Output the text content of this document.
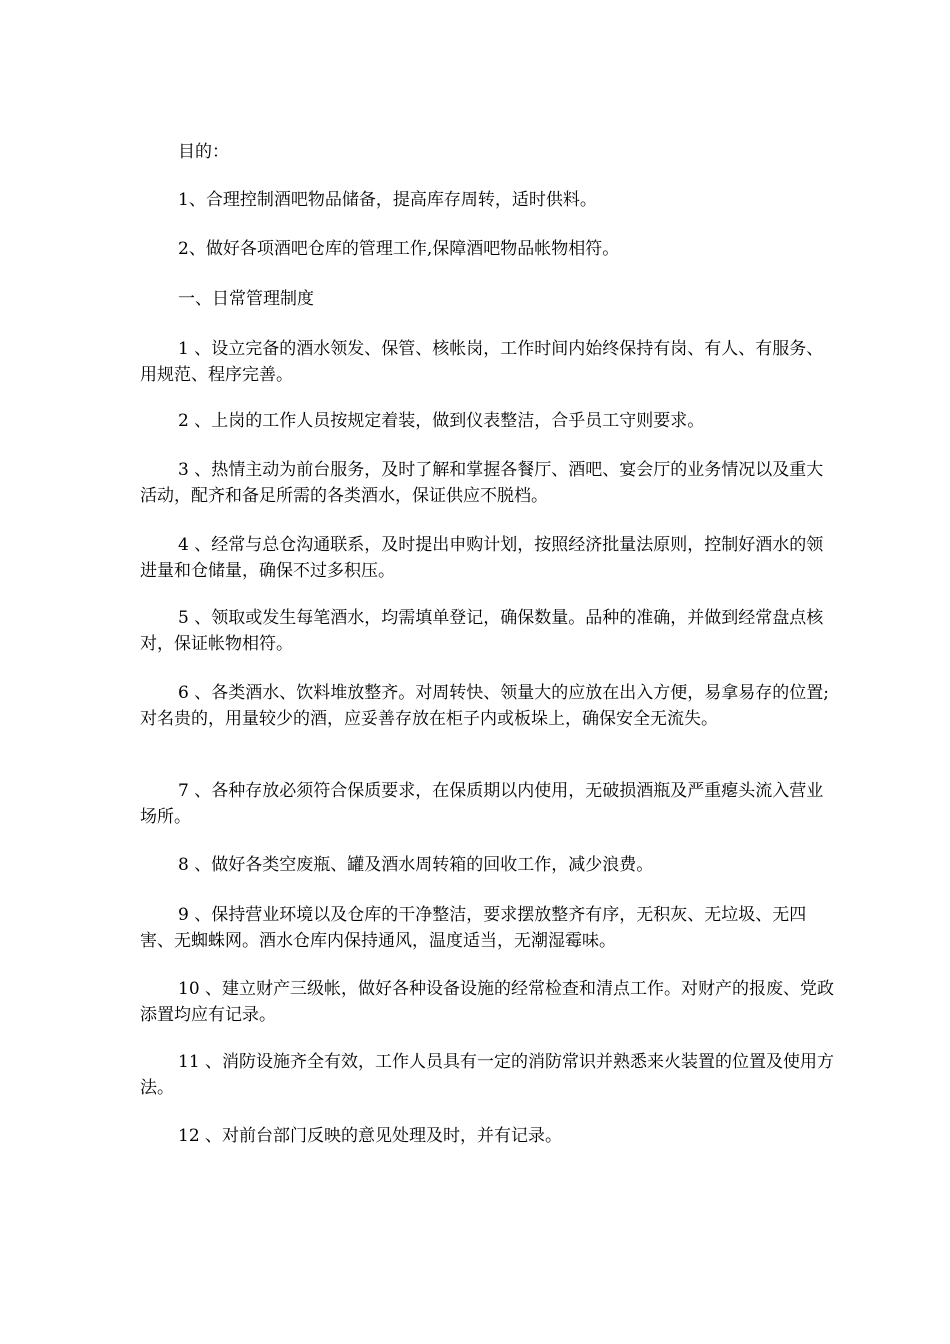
目的：

1、合理控制酒吧物品储备，提高库存周转，适时供料。

2、做好各项酒吧仓库的管理工作,保障酒吧物品帐物相符。

一、日常管理制度

1 、设立完备的酒水领发、保管、核帐岗，工作时间内始终保持有岗、有人、有服务、用规范、程序完善。

2 、上岗的工作人员按规定着装，做到仪表整洁，合乎员工守则要求。

3 、热情主动为前台服务，及时了解和掌握各餐厅、酒吧、宴会厅的业务情况以及重大活动，配齐和备足所需的各类酒水，保证供应不脱档。

4 、经常与总仓沟通联系，及时提出申购计划，按照经济批量法原则，控制好酒水的领进量和仓储量，确保不过多积压。

5 、领取或发生每笔酒水，均需填单登记，确保数量。品种的准确，并做到经常盘点核对，保证帐物相符。

6 、各类酒水、饮料堆放整齐。对周转快、领量大的应放在出入方便，易拿易存的位置;对名贵的，用量较少的酒，应妥善存放在柜子内或板垛上，确保安全无流失。

7 、各种存放必须符合保质要求，在保质期以内使用，无破损酒瓶及严重瘪头流入营业场所。

8 、做好各类空废瓶、罐及酒水周转箱的回收工作，减少浪费。

9 、保持营业环境以及仓库的干净整洁，要求摆放整齐有序，无积灰、无垃圾、无四害、无蜘蛛网。酒水仓库内保持通风，温度适当，无潮湿霉味。

10 、建立财产三级帐，做好各种设备设施的经常检查和清点工作。对财产的报废、党政添置均应有记录。

11 、消防设施齐全有效，工作人员具有一定的消防常识并熟悉来火装置的位置及使用方法。

12 、对前台部门反映的意见处理及时，并有记录。
